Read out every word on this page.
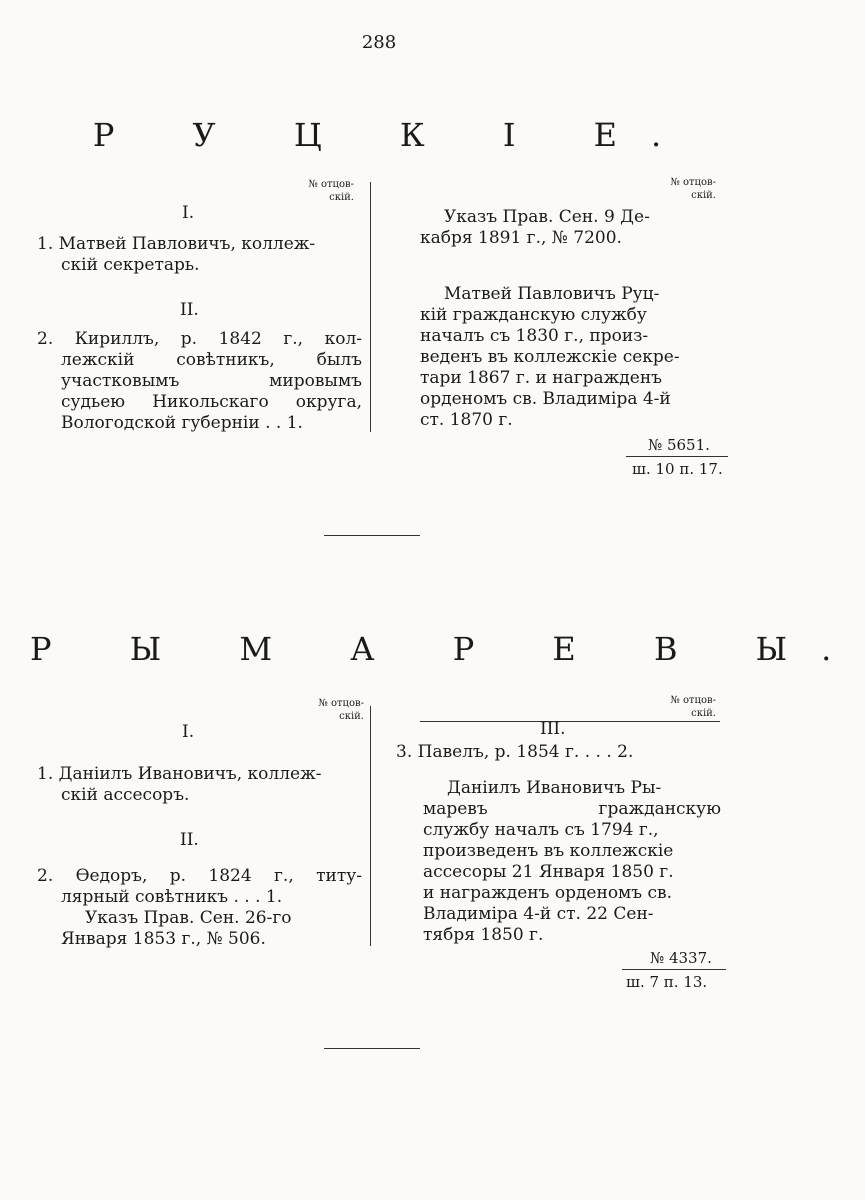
288
Р У Ц К I Е.
№ отцов-
скій.
№ отцов-
скій.
I.
1. Матвей Павловичъ, коллеж-
скій секретарь.
II.
2. Кириллъ, р. 1842 г., кол-
лежскій совѣтникъ, былъ
участковымъ мировымъ
судьею Никольскаго округа,
Вологодской губерніи . . 1.
Указъ Прав. Сен. 9 Де-
кабря 1891 г., № 7200.
Матвей Павловичъ Руц-
кій гражданскую службу
началъ съ 1830 г., произ-
веденъ въ коллежскіе секре-
тари 1867 г. и награжденъ
орденомъ св. Владиміра 4-й
ст. 1870 г.
№ 5651.
ш. 10 п. 17.
Р Ы М А Р Е В Ы.
№ отцов-
скій.
№ отцов-
скій.
I.
1. Даніилъ Ивановичъ, коллеж-
скій ассесоръ.
II.
2. Ѳедоръ, р. 1824 г., титу-
лярный совѣтникъ . . . 1.
Указъ Прав. Сен. 26-го
Января 1853 г., № 506.
III.
3. Павелъ, р. 1854 г. . . . 2.
Даніилъ Ивановичъ Ры-
маревъ гражданскую
службу началъ съ 1794 г.,
произведенъ въ коллежскіе
ассесоры 21 Января 1850 г.
и награжденъ орденомъ св.
Владиміра 4-й ст. 22 Сен-
тября 1850 г.
№ 4337.
ш. 7 п. 13.
